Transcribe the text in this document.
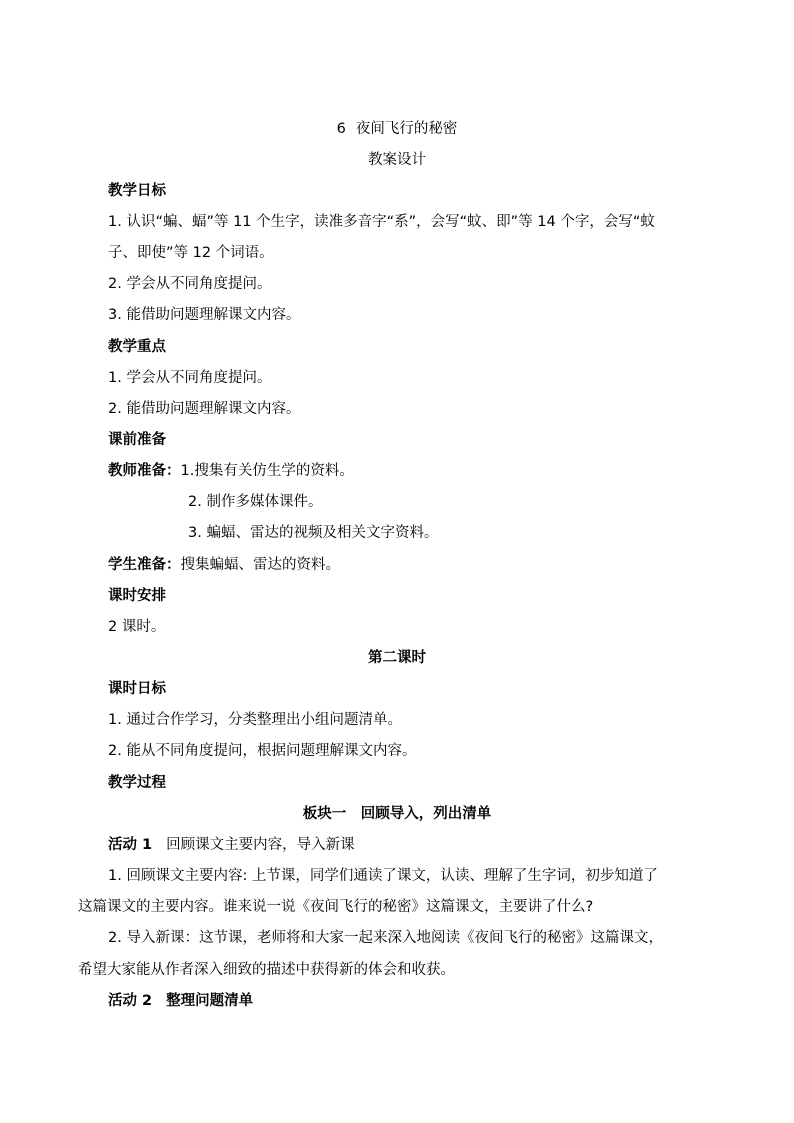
6 夜间飞行的秘密
教案设计
教学日标
1. 认识“蝙、蝠”等 11 个生字，读准多音字“系”，会写“蚊、即”等 14 个字，会写“蚊
子、即使”等 12 个词语。
2. 学会从不同角度提问。
3. 能借助问题理解课文内容。
教学重点
1. 学会从不同角度提问。
2. 能借助问题理解课文内容。
课前准备
教师准备：1.搜集有关仿生学的资料。
2. 制作多媒体课件。
3. 蝙蝠、雷达的视频及相关文字资料。
学生准备：搜集蝙蝠、雷达的资料。
课时安排
2 课时。
第二课时
课时日标
1. 通过合作学习，分类整理出小组问题清单。
2. 能从不同角度提问，根据问题理解课文内容。
教学过程
板块一　回顾导入，列出清单
活动 1 回顾课文主要内容，导入新课
1. 回顾课文主要内容: 上节课，同学们通读了课文，认读、理解了生字词，初步知道了
这篇课文的主要内容。谁来说一说《夜间飞行的秘密》这篇课文，主要讲了什么?
2. 导入新课：这节课，老师将和大家一起来深入地阅读《夜间飞行的秘密》这篇课文，
希望大家能从作者深入细致的描述中获得新的体会和收获。
活动 2 整理问题清单
